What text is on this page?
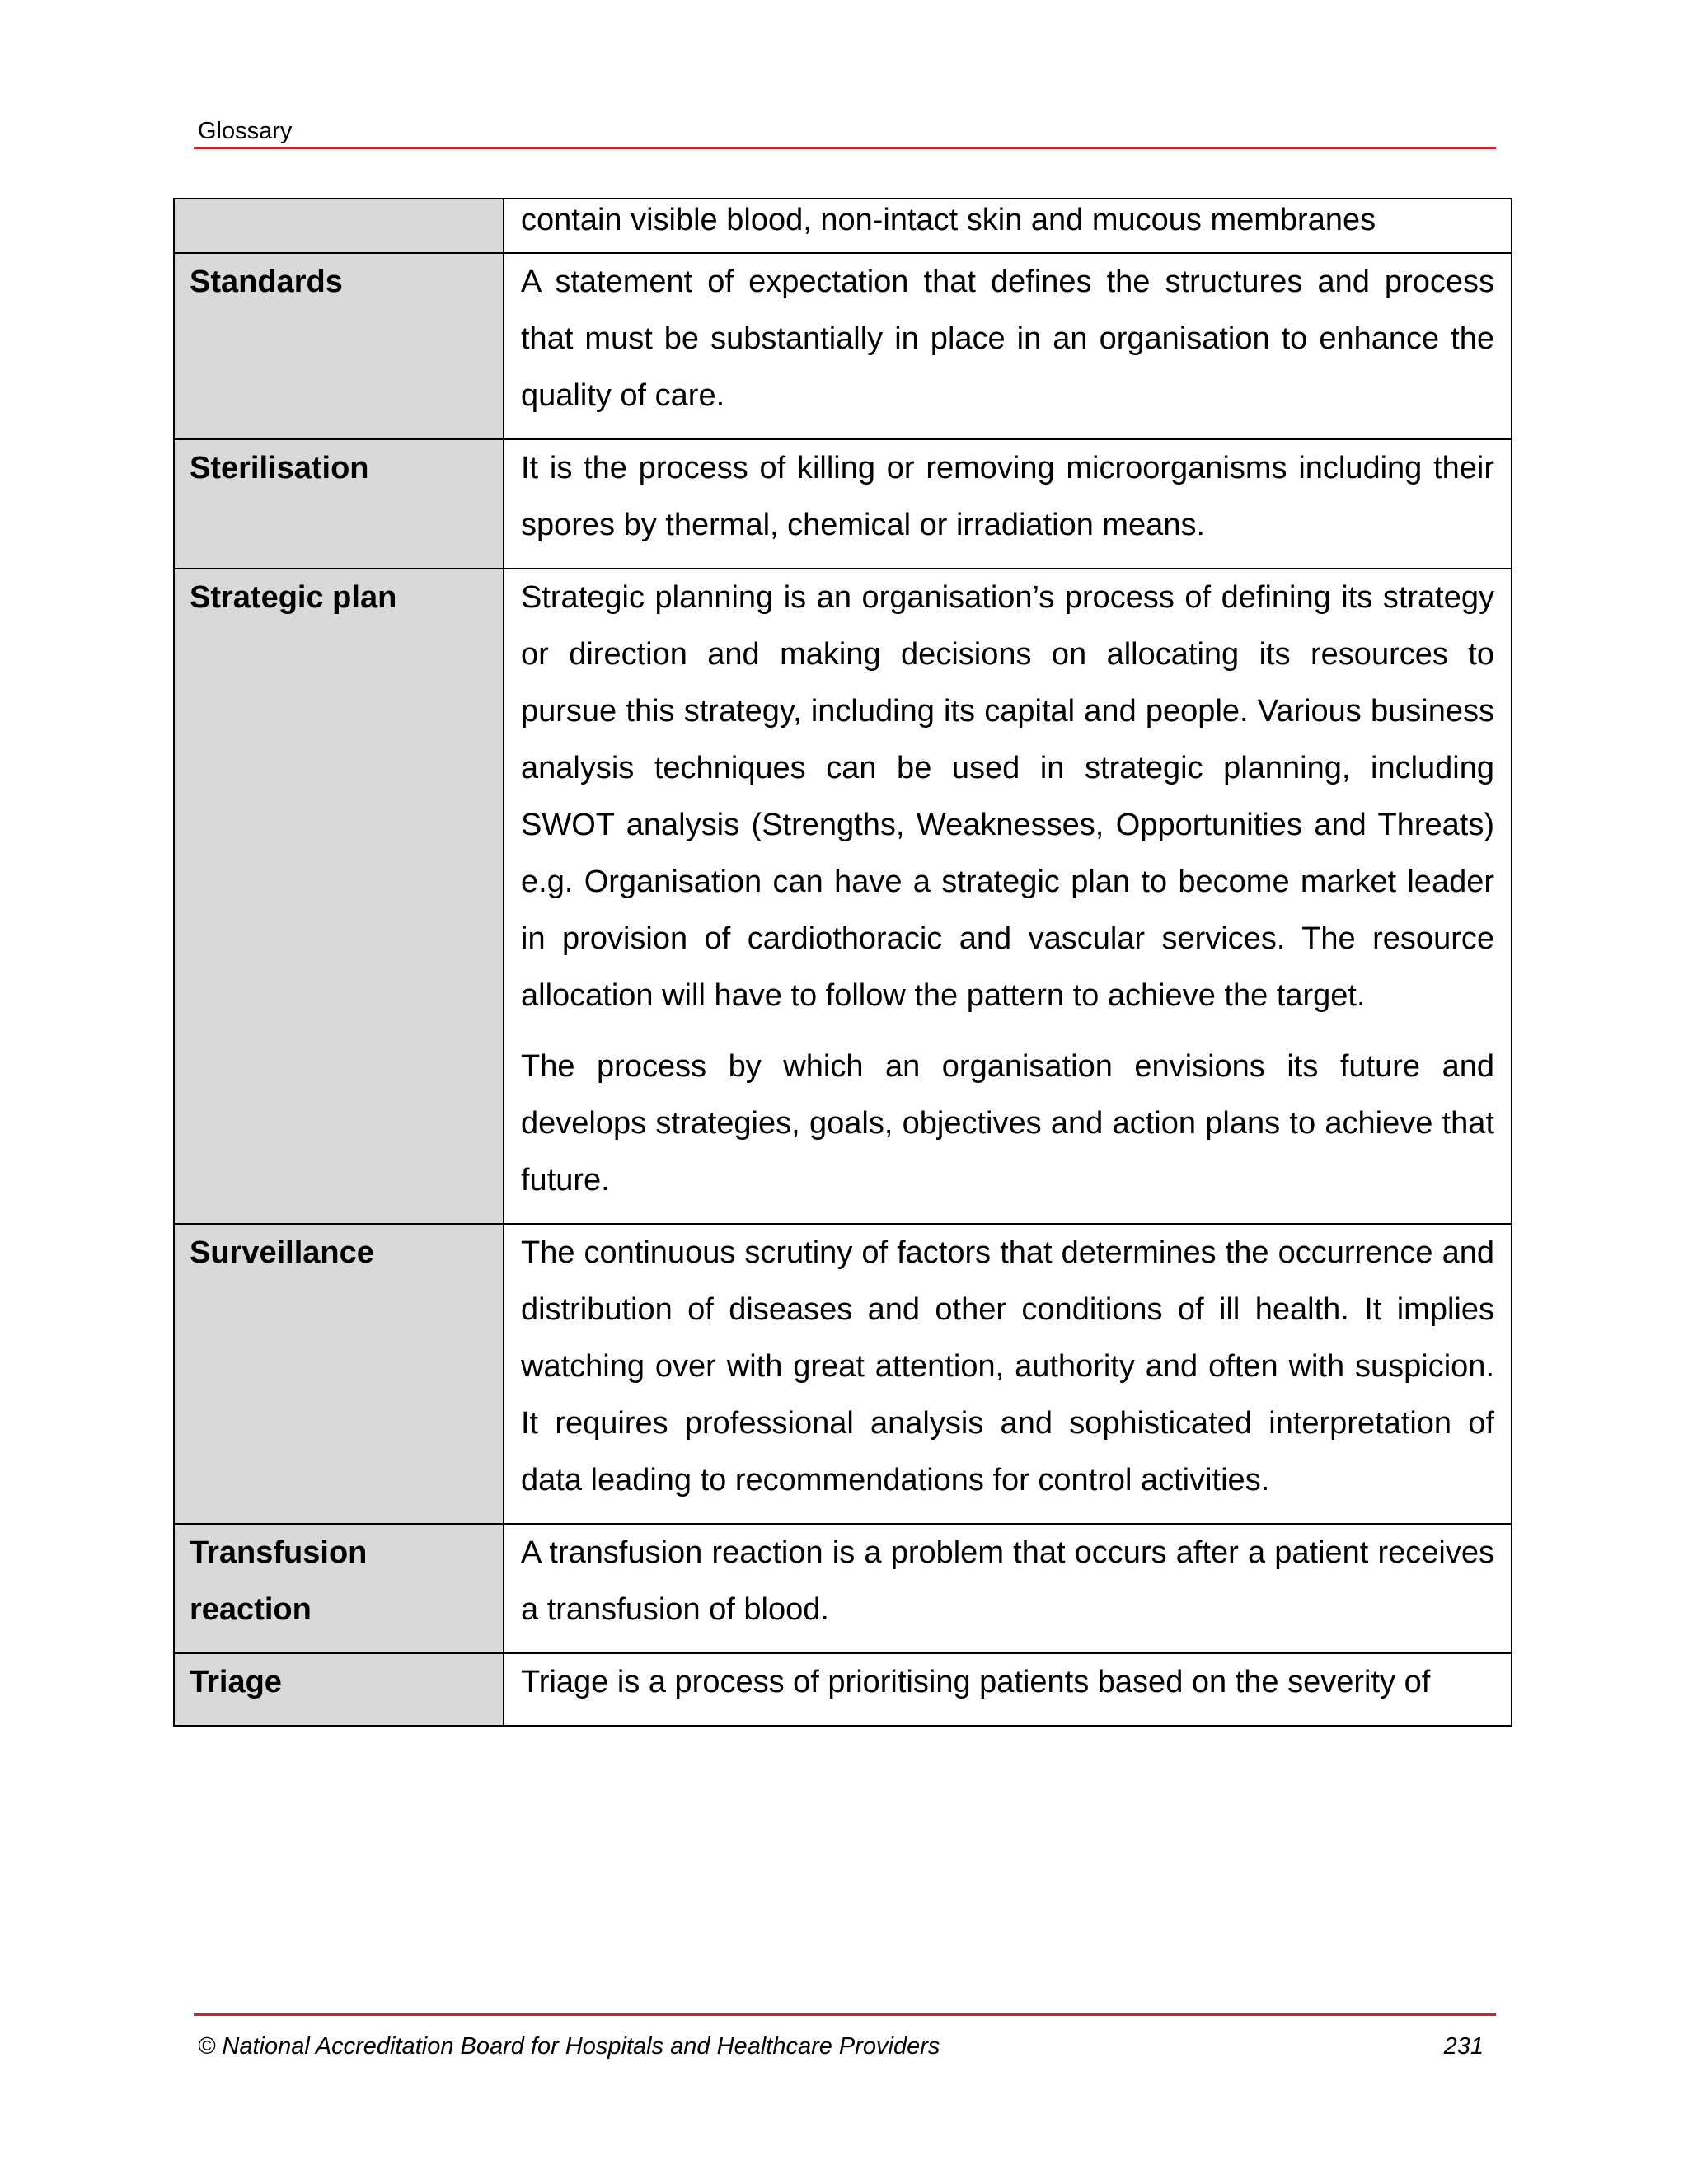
Glossary

	contain visible blood, non-intact skin and mucous membranes

Standards	A statement of expectation that defines the structures and process that must be substantially in place in an organisation to enhance the quality of care.

Sterilisation	It is the process of killing or removing microorganisms including their spores by thermal, chemical or irradiation means.

Strategic plan	Strategic planning is an organisation’s process of defining its strategy or direction and making decisions on allocating its resources to pursue this strategy, including its capital and people. Various business analysis techniques can be used in strategic planning, including SWOT analysis (Strengths, Weaknesses, Opportunities and Threats) e.g. Organisation can have a strategic plan to become market leader in provision of cardiothoracic and vascular services. The resource allocation will have to follow the pattern to achieve the target.

The process by which an organisation envisions its future and develops strategies, goals, objectives and action plans to achieve that future.

Surveillance	The continuous scrutiny of factors that determines the occurrence and distribution of diseases and other conditions of ill health. It implies watching over with great attention, authority and often with suspicion. It requires professional analysis and sophisticated interpretation of data leading to recommendations for control activities.

Transfusion reaction	A transfusion reaction is a problem that occurs after a patient receives a transfusion of blood.

Triage	Triage is a process of prioritising patients based on the severity of

© National Accreditation Board for Hospitals and Healthcare Providers	231
